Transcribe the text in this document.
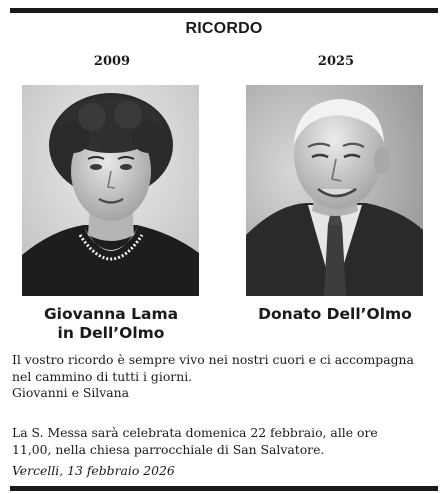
RICORDO
2009	2025
Giovanna Lama
in Dell’Olmo
Donato Dell’Olmo
Il vostro ricordo è sempre vivo nei nostri cuori e ci accompagna
nel cammino di tutti i giorni.
Giovanni e Silvana
La S. Messa sarà celebrata domenica 22 febbraio, alle ore
11,00, nella chiesa parrocchiale di San Salvatore.
Vercelli, 13 febbraio 2026
